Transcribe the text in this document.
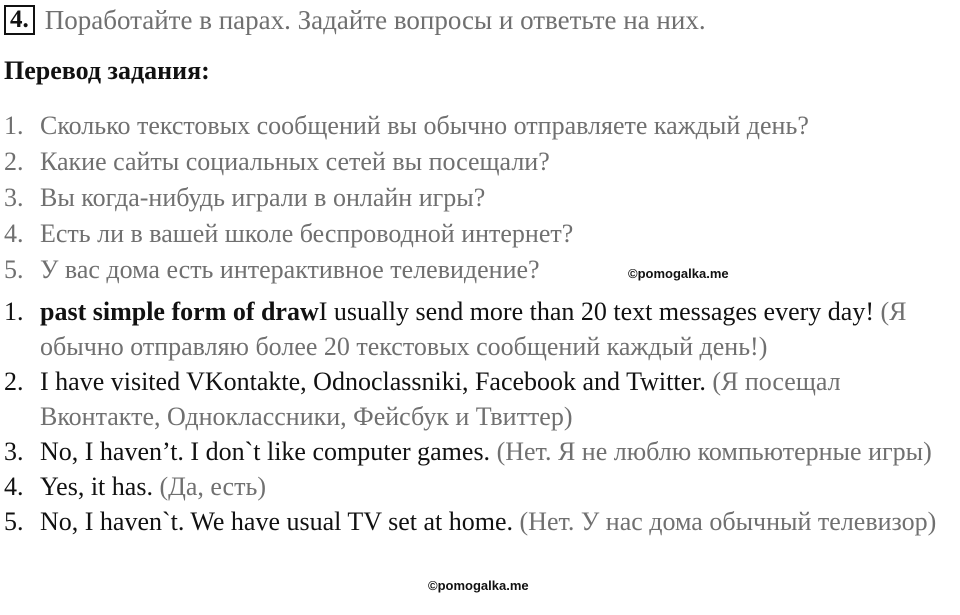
4. Поработайте в парах. Задайте вопросы и ответьте на них.
Перевод задания:
1. Сколько текстовых сообщений вы обычно отправляете каждый день?
2. Какие сайты социальных сетей вы посещали?
3. Вы когда-нибудь играли в онлайн игры?
4. Есть ли в вашей школе беспроводной интернет?
5. У вас дома есть интерактивное телевидение?	©pomogalka.me
1. past simple form of drawI usually send more than 20 text messages every day! (Я обычно отправляю более 20 текстовых сообщений каждый день!)
2. I have visited VKontakte, Odnoclassniki, Facebook and Twitter. (Я посещал Вконтакте, Одноклассники, Фейсбук и Твиттер)
3. No, I haven’t. I don`t like computer games. (Нет. Я не люблю компьютерные игры)
4. Yes, it has. (Да, есть)
5. No, I haven`t. We have usual TV set at home. (Нет. У нас дома обычный телевизор)
©pomogalka.me
